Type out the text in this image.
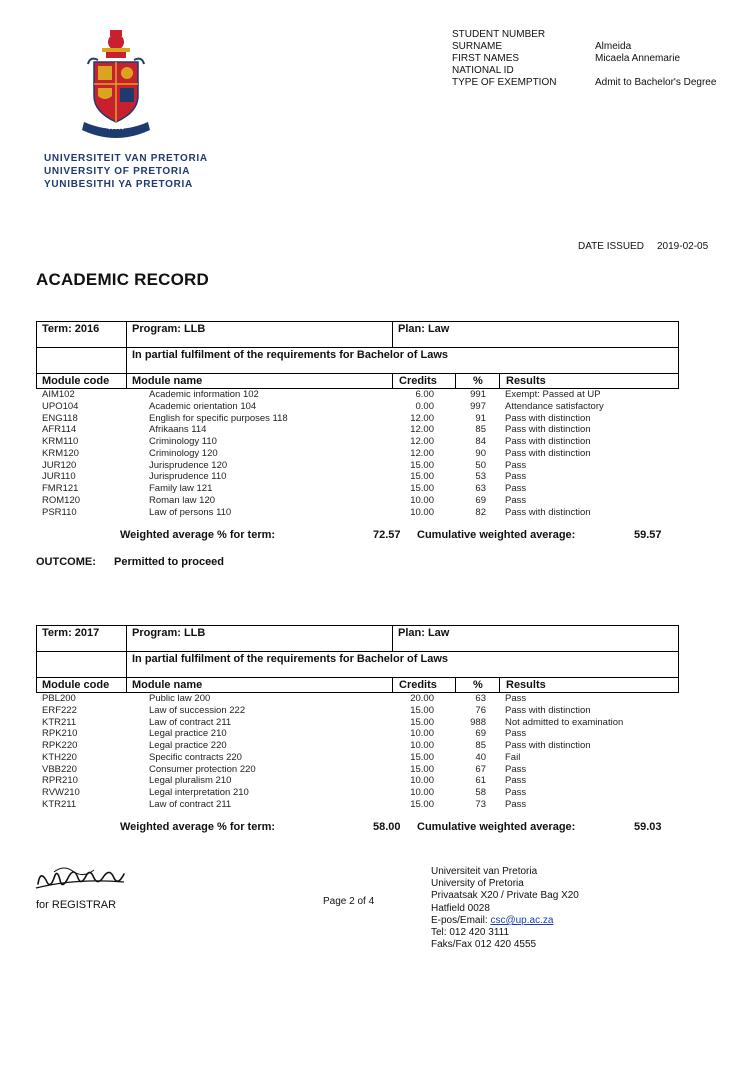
✦✦✦✦✦
UNIVERSITEIT VAN PRETORIA
UNIVERSITY OF PRETORIA
YUNIBESITHI YA PRETORIA
STUDENT NUMBER
SURNAME	Almeida
FIRST NAMES	Micaela Annemarie
NATIONAL ID
TYPE OF EXEMPTION	Admit to Bachelor's Degree
DATE ISSUED 2019-02-05
ACADEMIC RECORD
Term: 2016	Program: LLB	Plan: Law
In partial fulfilment of the requirements for Bachelor of Laws
Module code Module name	Credits	% Results
AIM102	Academic information 102	6.00	991 Exempt: Passed at UP
UPO104	Academic orientation 104	0.00	997 Attendance satisfactory
ENG118	English for specific purposes 118	12.00	91 Pass with distinction
AFR114	Afrikaans 114	12.00	85 Pass with distinction
KRM110	Criminology 110	12.00	84 Pass with distinction
KRM120	Criminology 120	12.00	90 Pass with distinction
JUR120	Jurisprudence 120	15.00	50 Pass
JUR110	Jurisprudence 110	15.00	53 Pass
FMR121	Family law 121	15.00	63 Pass
ROM120	Roman law 120	10.00	69 Pass
PSR110	Law of persons 110	10.00	82 Pass with distinction
Weighted average % for term:	72.57 Cumulative weighted average:	59.57
OUTCOME: Permitted to proceed
Term: 2017	Program: LLB	Plan: Law
In partial fulfilment of the requirements for Bachelor of Laws
Module code Module name	Credits	% Results
PBL200	Public law 200	20.00	63 Pass
ERF222	Law of succession 222	15.00	76 Pass with distinction
KTR211	Law of contract 211	15.00	988 Not admitted to examination
RPK210	Legal practice 210	10.00	69 Pass
RPK220	Legal practice 220	10.00	85 Pass with distinction
KTH220	Specific contracts 220	15.00	40 Fail
VBB220	Consumer protection 220	15.00	67 Pass
RPR210	Legal pluralism 210	10.00	61 Pass
RVW210	Legal interpretation 210	10.00	58 Pass
KTR211	Law of contract 211	15.00	73 Pass
Weighted average % for term:	58.00 Cumulative weighted average:	59.03
for REGISTRAR	Page 2 of 4
Universiteit van Pretoria
University of Pretoria
Privaatsak X20 / Private Bag X20
Hatfield 0028
E-pos/Email: csc@up.ac.za
Tel: 012 420 3111
Faks/Fax 012 420 4555
